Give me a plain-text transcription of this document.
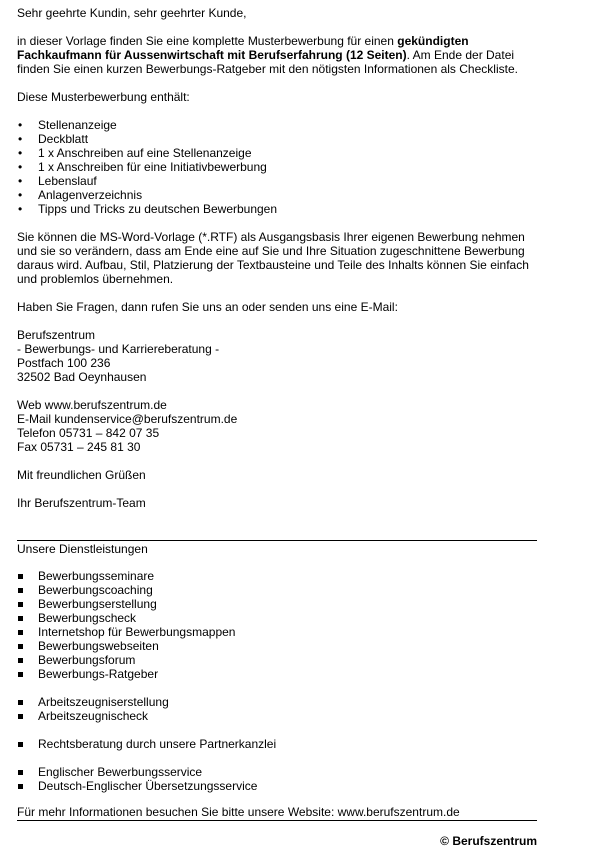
Sehr geehrte Kundin, sehr geehrter Kunde,

in dieser Vorlage finden Sie eine komplette Musterbewerbung für einen gekündigten Fachkaufmann für Aussenwirtschaft mit Berufserfahrung (12 Seiten). Am Ende der Datei finden Sie einen kurzen Bewerbungs-Ratgeber mit den nötigsten Informationen als Checkliste.

Diese Musterbewerbung enthält:

• Stellenanzeige
• Deckblatt
• 1 x Anschreiben auf eine Stellenanzeige
• 1 x Anschreiben für eine Initiativbewerbung
• Lebenslauf
• Anlagenverzeichnis
• Tipps und Tricks zu deutschen Bewerbungen

Sie können die MS-Word-Vorlage (*.RTF) als Ausgangsbasis Ihrer eigenen Bewerbung nehmen und sie so verändern, dass am Ende eine auf Sie und Ihre Situation zugeschnittene Bewerbung daraus wird. Aufbau, Stil, Platzierung der Textbausteine und Teile des Inhalts können Sie einfach und problemlos übernehmen.

Haben Sie Fragen, dann rufen Sie uns an oder senden uns eine E-Mail:

Berufszentrum

- Bewerbungs- und Karriereberatung -

Postfach 100 236

32502 Bad Oeynhausen

Web www.berufszentrum.de

E-Mail kundenservice@berufszentrum.de

Telefon 05731 – 842 07 35

Fax 05731 – 245 81 30

Mit freundlichen Grüßen

Ihr Berufszentrum-Team

Unsere Dienstleistungen

Bewerbungsseminare
Bewerbungscoaching
Bewerbungserstellung
Bewerbungscheck
Internetshop für Bewerbungsmappen
Bewerbungswebseiten
Bewerbungsforum
Bewerbungs-Ratgeber
Arbeitszeugniserstellung
Arbeitszeugnischeck
Rechtsberatung durch unsere Partnerkanzlei
Englischer Bewerbungsservice
Deutsch-Englischer Übersetzungsservice

Für mehr Informationen besuchen Sie bitte unsere Website: www.berufszentrum.de

© Berufszentrum
